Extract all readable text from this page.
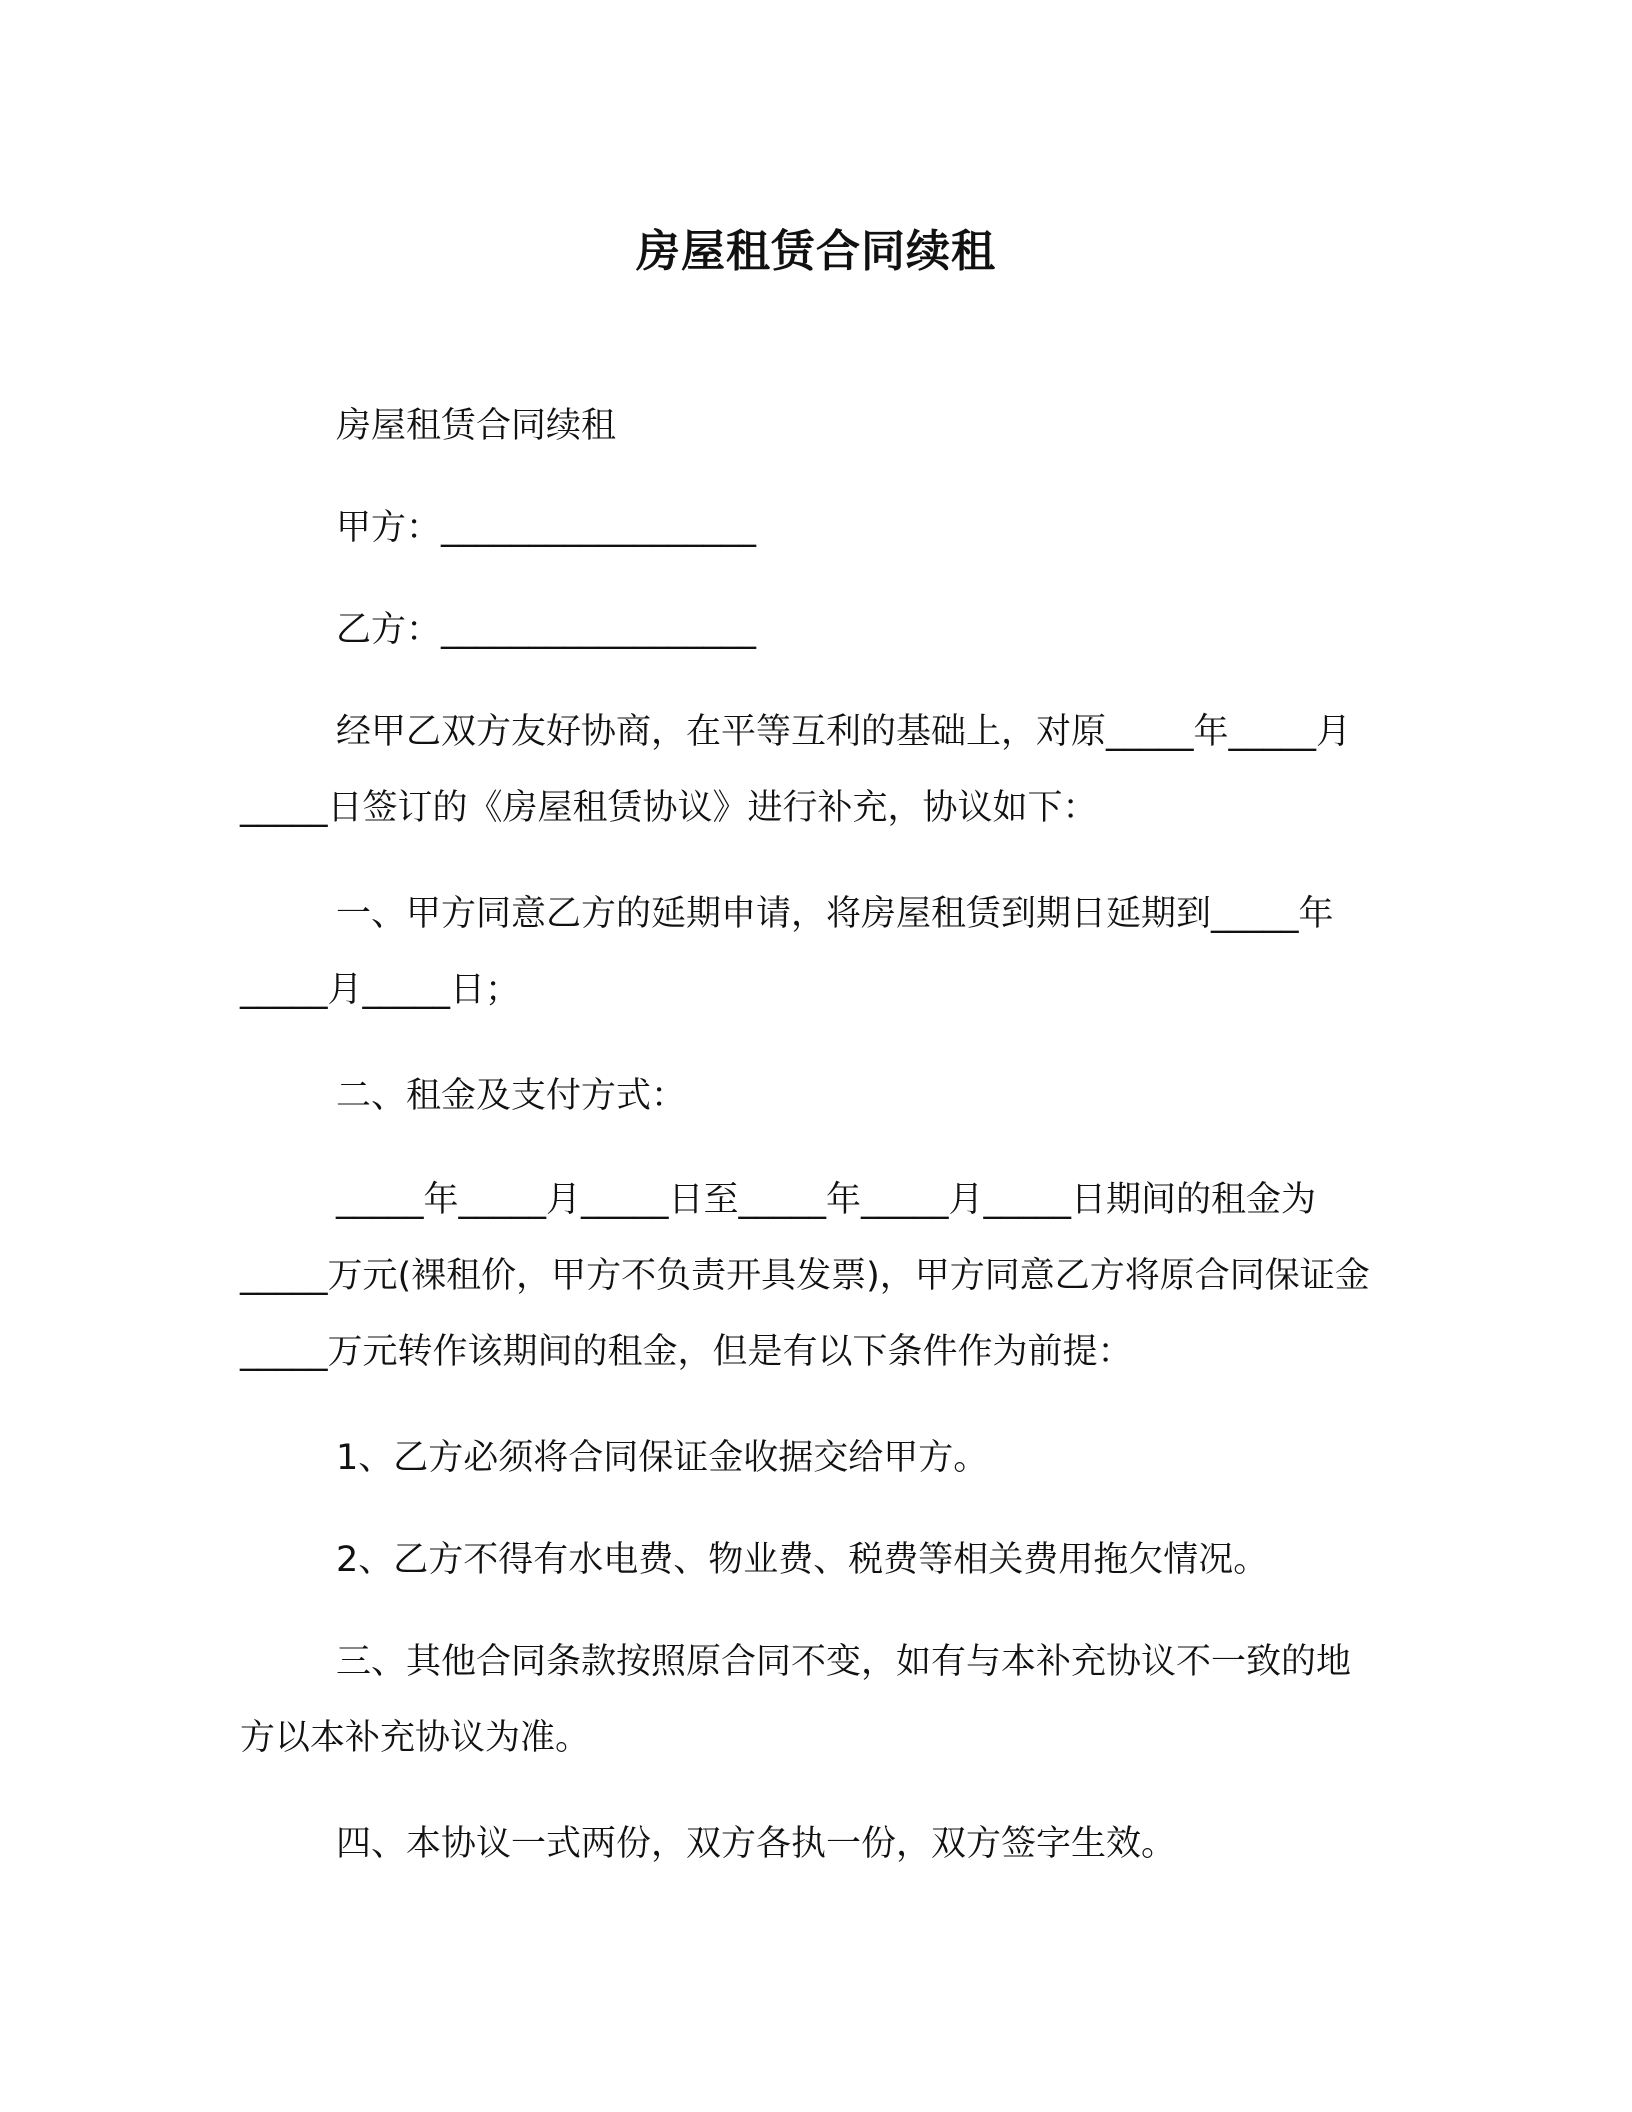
房屋租赁合同续租

房屋租赁合同续租

甲方：__________________

乙方：__________________

经甲乙双方友好协商，在平等互利的基础上，对原_____年_____月_____日签订的《房屋租赁协议》进行补充，协议如下：

一、甲方同意乙方的延期申请，将房屋租赁到期日延期到_____年_____月_____日；

二、租金及支付方式：

_____年_____月_____日至_____年_____月_____日期间的租金为_____万元(裸租价，甲方不负责开具发票)，甲方同意乙方将原合同保证金_____万元转作该期间的租金，但是有以下条件作为前提：

1、乙方必须将合同保证金收据交给甲方。

2、乙方不得有水电费、物业费、税费等相关费用拖欠情况。

三、其他合同条款按照原合同不变，如有与本补充协议不一致的地方以本补充协议为准。

四、本协议一式两份，双方各执一份，双方签字生效。
